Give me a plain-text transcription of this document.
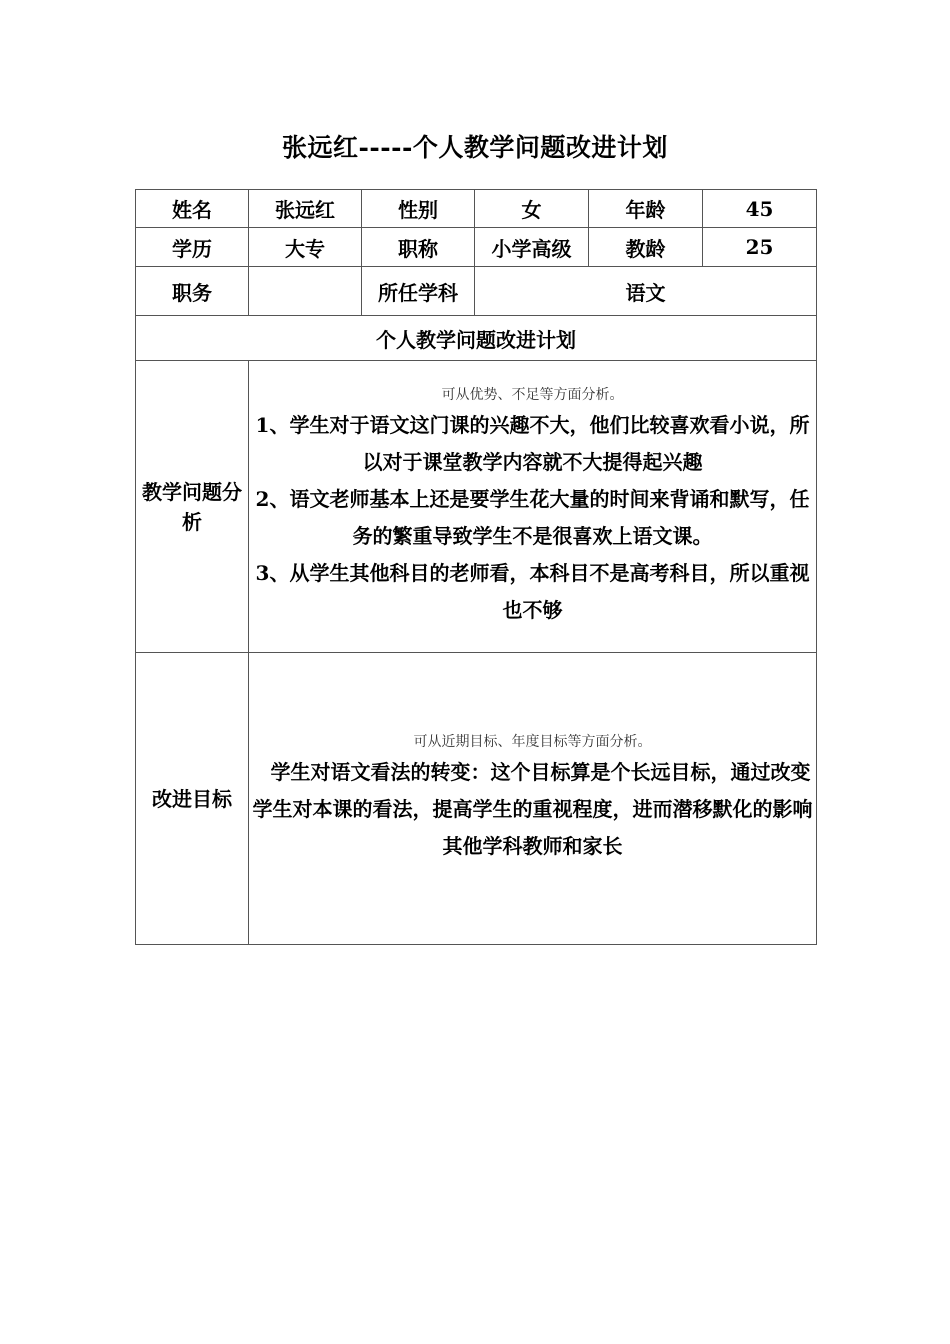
张远红-----个人教学问题改进计划
姓名	张远红	性别	女	年龄	45
学历	大专	职称	小学高级	教龄	25
职务		所任学科	语文		
个人教学问题改进计划					
教学问题分析	可从优势、不足等方面分析。

1、学生对于语文这门课的兴趣不大，他们比较喜欢看小说，所以对于课堂教学内容就不大提得起兴趣

2、语文老师基本上还是要学生花大量的时间来背诵和默写，任务的繁重导致学生不是很喜欢上语文课。

3、从学生其他科目的老师看，本科目不是高考科目，所以重视也不够				

改进目标	可从近期目标、年度目标等方面分析。

学生对语文看法的转变：这个目标算是个长远目标，通过改变学生对本课的看法，提高学生的重视程度，进而潜移默化的影响其他学科教师和家长				
